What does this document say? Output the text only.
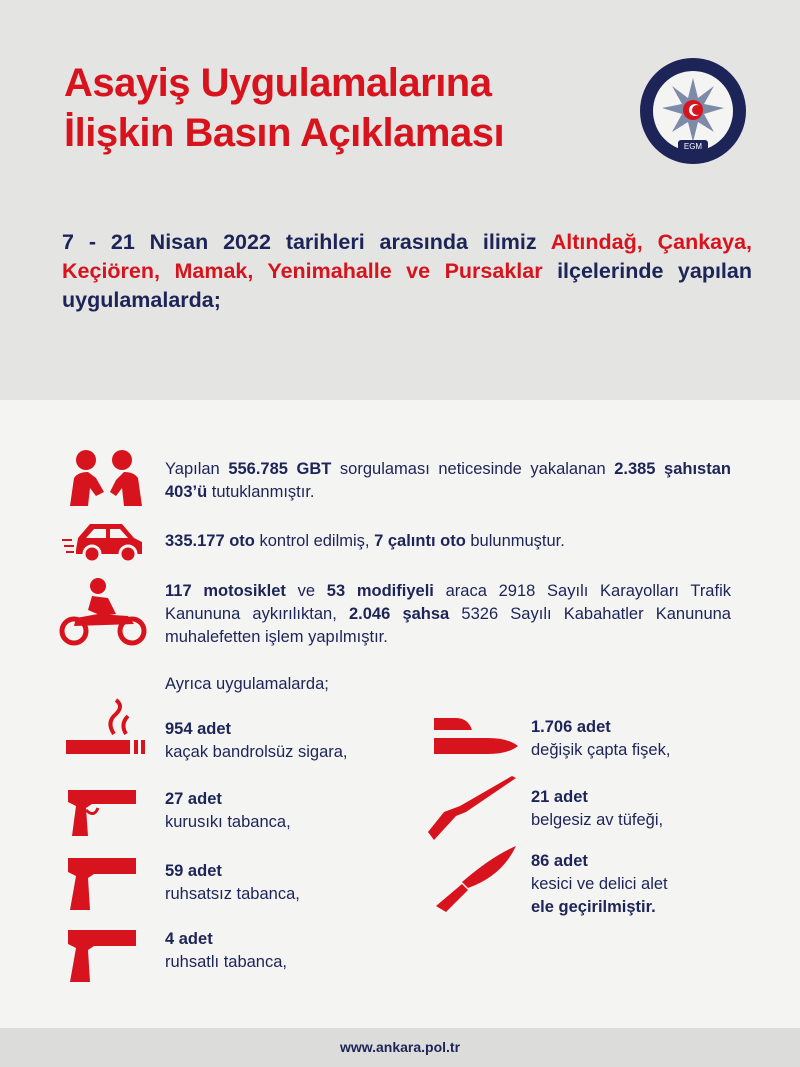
Asayiş Uygulamalarına
İlişkin Basın Açıklaması	EGM
7 - 21 Nisan 2022 tarihleri arasında ilimiz Altındağ, Çankaya, Keçiören, Mamak, Yenimahalle ve Pursaklar ilçelerinde yapılan uygulamalarda;
Yapılan 556.785 GBT sorgulaması neticesinde yakalanan 2.385 şahıstan 403’ü tutuklanmıştır.
335.177 oto kontrol edilmiş, 7 çalıntı oto bulunmuştur.
117 motosiklet ve 53 modifiyeli araca 2918 Sayılı Karayolları Trafik Kanununa aykırılıktan, 2.046 şahsa 5326 Sayılı Kabahatler Kanununa muhalefetten işlem yapılmıştır.
Ayrıca uygulamalarda;
954 adet
kaçak bandrolsüz sigara,
27 adet
kurusıkı tabanca,
59 adet
ruhsatsız tabanca,
4 adet
ruhsatlı tabanca,
1.706 adet
değişik çapta fişek,
21 adet
belgesiz av tüfeği,
86 adet
kesici ve delici alet
ele geçirilmiştir.
www.ankara.pol.tr
